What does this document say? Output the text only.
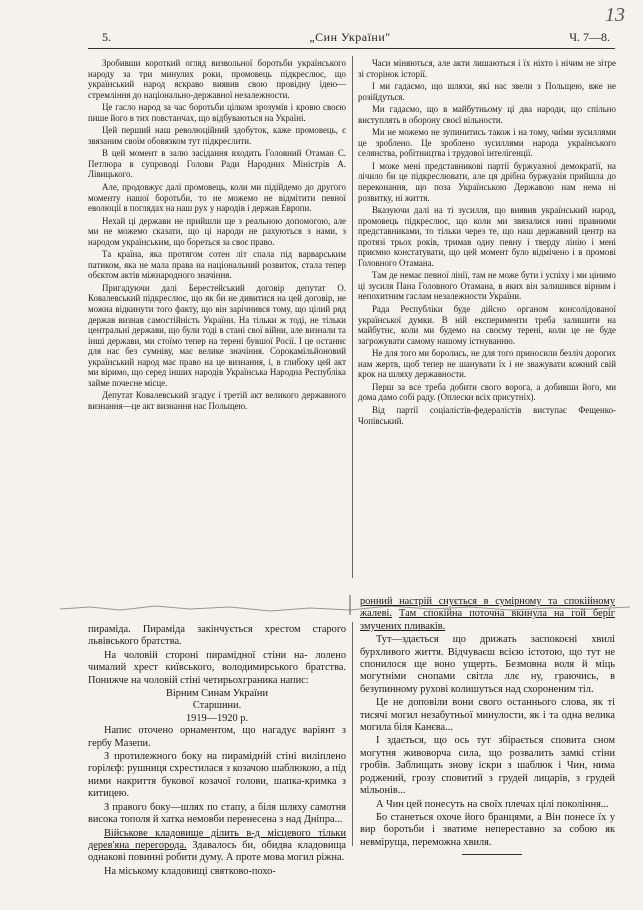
13
5.	„Син України"	Ч. 7—8.

Зробивши короткий огляд визвольної боротьби українського народу за три минулих роки, промовець підкреслює, що український народ яскраво виявив свою провідну ідею—стремління до національно-державної незалежности.

Це гасло народ за час боротьби цілком зрозумів і кровю своєю пише його в тих повстанчах, що відбуваються на Україні.

Цей перший наш революційний здобуток, каже промовець, є звязаним своїм обовязком тут підкреслити.

В цей момент в залю засідання входить Головний Отаман С. Петлюра в супроводі Голови Ради Народних Міністрів А. Лівицького.

Але, продовжує далі промовець, коли ми підійдемо до другого моменту нашої боротьби, то не можемо не відмітити певної еволюції в поглядах на наш рух у народів і держав Европи.

Нехай ці держави не прийшли ще з реальною допомогою, але ми не можемо сказати, що ці народи не рахуються з нами, з народом українським, що бореться за своє право.

Та країна, яка протягом сотен літ спала під варварським патиком, яка не мала права на національний розвиток, стала тепер обєктом актів міжнародного значіння.

Пригадуючи далі Берестейський договір депутат О. Ковалевський підкреслює, що як би не дивитися на цей договір, не можна відкинути того факту, що він зарічнився тому, що цілий ряд держав визнав самостійність України. На тільки ж тоді, не тільки центральні держави, що були тоді в стані свої війни, але визнали та інші держави, ми стоїмо тепер на терені бувшої Росії. І це останнє для нас без сумніву, має велике значіння. Сорокамільйоновий український народ має право на це визнання, і, в глибоку цей акт ми віримо, що серед інших народів Українська Народна Республіка займе почесне місце.

Депутат Ковалевський згадує і третій акт великого державного визнання—це акт визнання нас Польщею.

Часи міняються, але акти лишаються і їх ніхто і нічим не зітре зі сторінок історії.

І ми гадаємо, що шляхи, які нас звели з Польщею, вже не розійдуться.

Ми гадаємо, що в майбутньому ці два народи, що спільно виступлять в оборону своєї вільности.

Ми не можемо не зупинитись також і на тому, чиїми зусиллями це зроблено. Це зроблено зусиллями народа українського селянства, робітництва і трудової інтелігенції.

І може мені представникові партії буржуазної демократії, на лічило би це підкреслювати, але ця дрібна буржуазія прийшла до переконання, що поза Українською Державою нам нема ні розвитку, ні життя.

Вказуючи далі на ті зусилля, що виявив український народ, промовець підкреслює, що коли ми звязалися нині правними представниками, то тільки через те, що наш державний центр на протязі трьох років, тримав одну певну і тверду лінію і мені приємно констатувати, що цей момент було відмічено і в промові Головного Отамана.

Там де немає певної лінії, там не може бути і успіху і ми цінимо ці зусиля Пана Головного Отамана, в яких він залишився вірним і непохитним гаслам незалежности України.

Рада Республіки буде дійсно органом консолідованої української думки. В ній експерименти треба залишити на майбутнє, коли ми будемо на своєму терені, коли це не буде загрожувати самому нашому істнуванню.

Не для того ми боролись, не для того приносили безліч дорогих нам жертв, щоб тепер не шанувати їх і не зважувати кожний свій крок на шляху державности.

Перш за все треба добити свого ворога, а добивши його, ми дома дамо собі раду. (Оплески всіх присутніх).

Від партії соціалістів-федералістів виступає Фещенко-Чопівський.

пираміда. Пираміда закінчується хрестом старого львівського братства.

На чоловій стороні пирамідної стіни на- лолено чималий хрест київського, володимирського братства. Понижче на чоловій стіні четирьохграника напис:

Вірним Синам України

Старшини.

1919—1920 р.

Напис оточено орнаментом, що нагадує варіянт з гербу Мазепи.

З протилежного боку на пирамідній стіні виліплено горілєф: рушниця схрестилася з козачою шаблюкою, а під ними накриття букової козачої голови, шапка-кримка з китицею.

З правого боку—шлях по стапу, а біля шляху самотня висока тополя й хатка немовби перенесена з над Дніпра...

Військове кладовище ділить в-д місцевого тільки дерев'яна перегорода. Здавалось би, обидва кладовища однакові повинні робити думу. А проте мова могил ріжна.

На міському кладовищі святково-похо-

ронний настрій снується в сумірному та спокійному жалеві. Там спокійна поточна вкинула на гой беріг змучених пливаків.

Тут—здається що дрижать заспокоєні хвилі бурхливого життя. Відчуваєш всією істотою, що тут не спонилося ще воно ущерть. Безмовна воля й міць могутніми снопами світла ллє ну, граючись, в безупинному рухові колишуться над схороненим тіл.

Це не доповіли вони свого останнього слова, як ті тисячі могил незабутньої минулости, як і та одна велика могила біля Канєва...

І здається, що ось тут збірається сповита сном могутня живоворча сила, що розвалить замкі стіни гробів. Заблищать знову іскри з шаблюк і Чин, нима роджений, грозу сповитий з грудей лицарів, з грудей мільонів...

А Чин цей понесуть на своїх плечах цілі покоління...

Бо станеться охоче його бранцями, а Він понесе їх у вир боротьби і зватиме непереставно за собою як невміруща, переможна хвиля.
